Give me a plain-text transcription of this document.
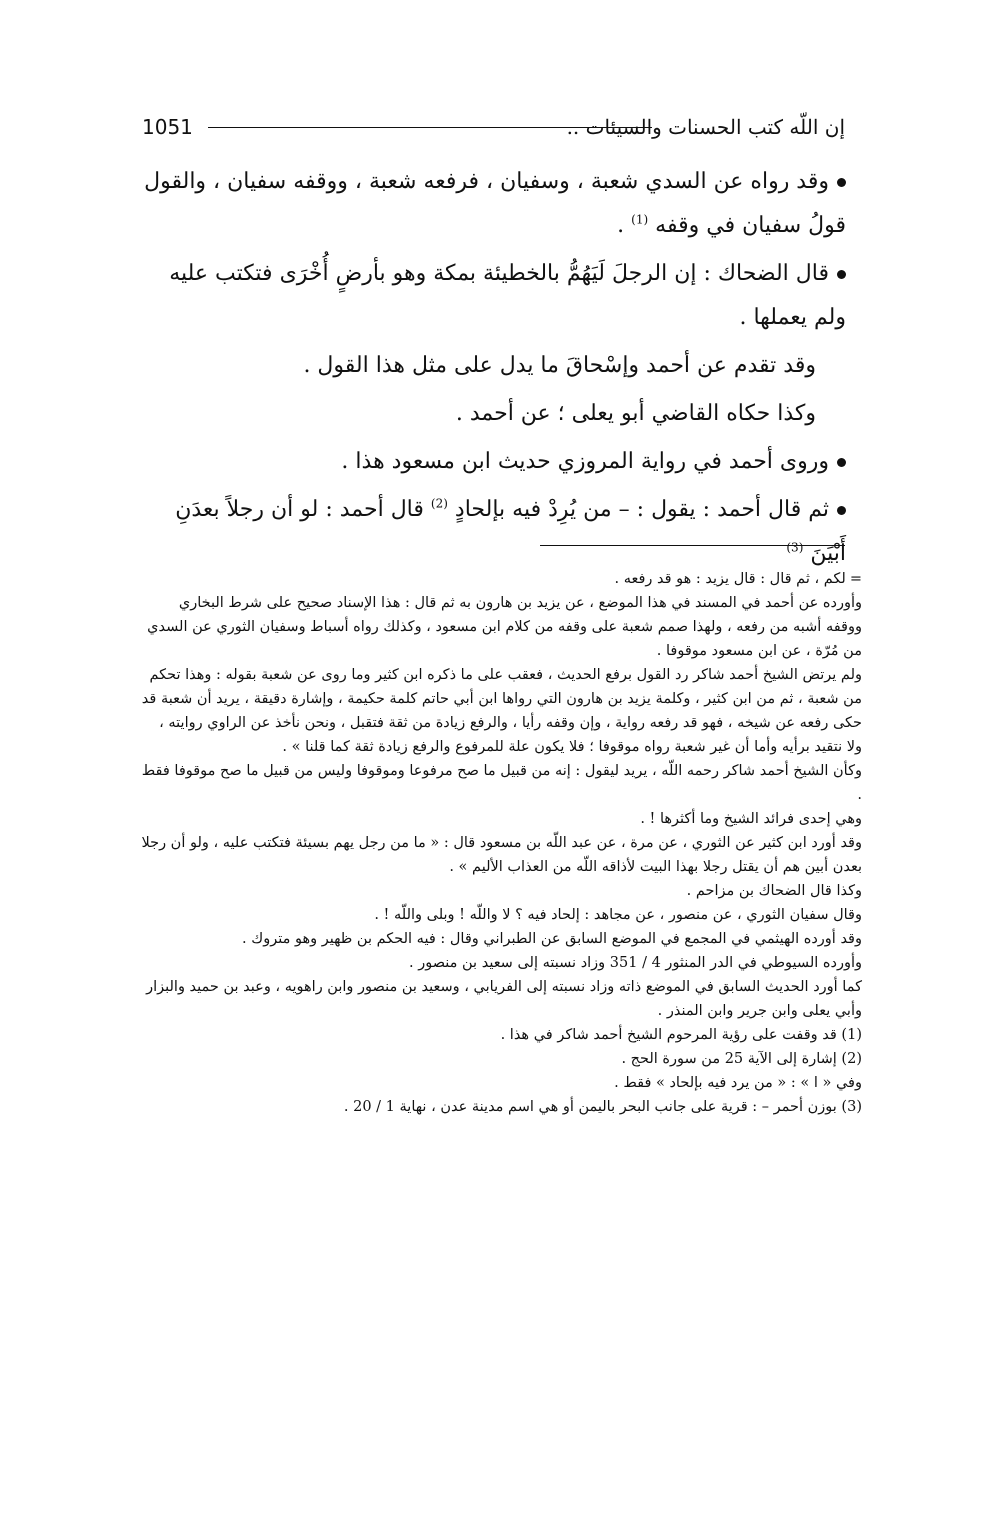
1051	إن اللّه كتب الحسنات والسيئات ..

وقد رواه عن السدي شعبة ، وسفيان ، فرفعه شعبة ، ووقفه سفيان ، والقول قولُ سفيان في وقفه $^{(1)}$ .

قال الضحاك : إن الرجلَ لَيَهُمُّ بالخطيئة بمكة وهو بأرضٍ أُخْرَى فتكتب عليه ولم يعملها .

وقد تقدم عن أحمد وإسْحاقَ ما يدل على مثل هذا القول .

وكذا حكاه القاضي أبو يعلى ؛ عن أحمد .

وروى أحمد في رواية المروزي حديث ابن مسعود هذا .

ثم قال أحمد : يقول : – من يُرِدْ فيه بإلحادٍ $^{(2)}$ قال أحمد : لو أن رجلاً بعدَنِ أَبْيَنَ $^{(3)}$

=لكم ، ثم قال : قال يزيد : هو قد رفعه .

وأورده عن أحمد في المسند في هذا الموضع ، عن يزيد بن هارون به ثم قال : هذا الإسناد صحيح على شرط البخاري ووقفه أشبه من رفعه ، ولهذا صمم شعبة على وقفه من كلام ابن مسعود ، وكذلك رواه أسباط وسفيان الثوري عن السدي من مُرّة ، عن ابن مسعود موقوفا .

ولم يرتض الشيخ أحمد شاكر رد القول برفع الحديث ، فعقب على ما ذكره ابن كثير وما روى عن شعبة بقوله : وهذا تحكم من شعبة ، ثم من ابن كثير ، وكلمة يزيد بن هارون التي رواها ابن أبي حاتم كلمة حكيمة ، وإشارة دقيقة ، يريد أن شعبة قد حكى رفعه عن شيخه ، فهو قد رفعه رواية ، وإن وقفه رأيا ، والرفع زيادة من ثقة فتقبل ، ونحن نأخذ عن الراوي روايته ، ولا نتقيد برأيه وأما أن غير شعبة رواه موقوفا ؛ فلا يكون علة للمرفوع والرفع زيادة ثقة كما قلنا » .

وكأن الشيخ أحمد شاكر رحمه اللّه ، يريد ليقول : إنه من قبيل ما صح مرفوعا وموقوفا وليس من قبيل ما صح موقوفا فقط .

وهي إحدى فرائد الشيخ وما أكثرها ! .

وقد أورد ابن كثير عن الثوري ، عن مرة ، عن عبد اللّه بن مسعود قال : « ما من رجل يهم بسيئة فتكتب عليه ، ولو أن رجلا بعدن أبين هم أن يقتل رجلا بهذا البيت لأذاقه اللّه من العذاب الأليم » .

وكذا قال الضحاك بن مزاحم .

وقال سفيان الثوري ، عن منصور ، عن مجاهد : إلحاد فيه ؟ لا واللّه ! وبلى واللّه ! .

وقد أورده الهيثمي في المجمع في الموضع السابق عن الطبراني وقال : فيه الحكم بن ظهير وهو متروك .

وأورده السيوطي في الدر المنثور 4 / 351 وزاد نسبته إلى سعيد بن منصور .

كما أورد الحديث السابق في الموضع ذاته وزاد نسبته إلى الفريابي ، وسعيد بن منصور وابن راهويه ، وعبد بن حميد والبزار وأبي يعلى وابن جرير وابن المنذر .

(1) قد وقفت على رؤية المرحوم الشيخ أحمد شاكر في هذا .

(2) إشارة إلى الآية 25 من سورة الحج .

وفي « ا » : « من يرد فيه بإلحاد » فقط .

(3) بوزن أحمر – : قرية على جانب البحر باليمن أو هي اسم مدينة عدن ، نهاية 1 / 20 .
